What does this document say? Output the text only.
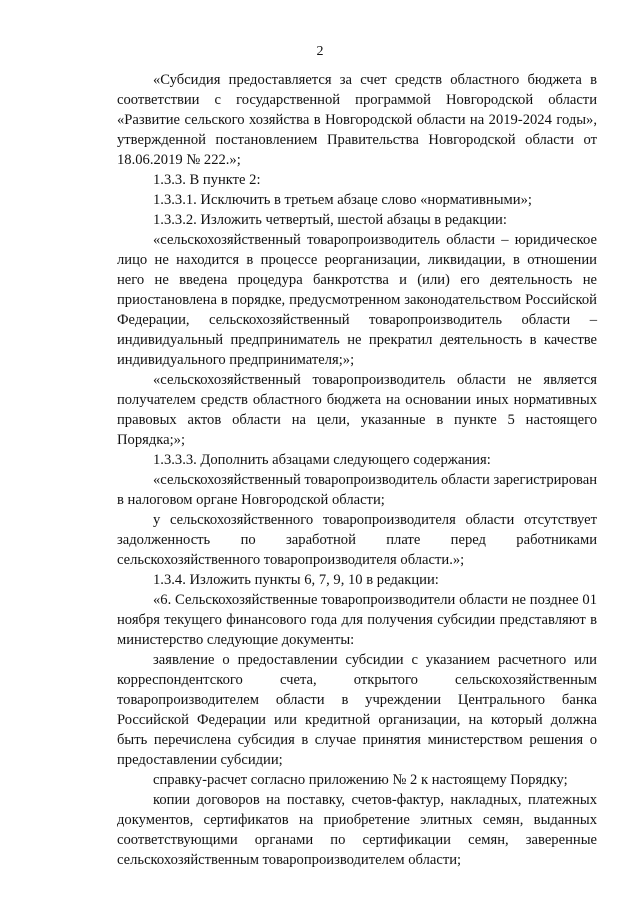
2

«Субсидия предоставляется за счет средств областного бюджета в соответствии с государственной программой Новгородской области «Развитие сельского хозяйства в Новгородской области на 2019-2024 годы», утвержденной постановлением Правительства Новгородской области от 18.06.2019 № 222.»;

1.3.3. В пункте 2:

1.3.3.1. Исключить в третьем абзаце слово «нормативными»;

1.3.3.2. Изложить четвертый, шестой абзацы в редакции:

«сельскохозяйственный товаропроизводитель области – юридическое лицо не находится в процессе реорганизации, ликвидации, в отношении него не введена процедура банкротства и (или) его деятельность не приостановлена в порядке, предусмотренном законодательством Российской Федерации, сельскохозяйственный товаропроизводитель области – индивидуальный предприниматель не прекратил деятельность в качестве индивидуального предпринимателя;»;

«сельскохозяйственный товаропроизводитель области не является получателем средств областного бюджета на основании иных нормативных правовых актов области на цели, указанные в пункте 5 настоящего Порядка;»;

1.3.3.3. Дополнить абзацами следующего содержания:

«сельскохозяйственный товаропроизводитель области зарегистрирован в налоговом органе Новгородской области;

у сельскохозяйственного товаропроизводителя области отсутствует задолженность по заработной плате перед работниками сельскохозяйственного товаропроизводителя области.»;

1.3.4. Изложить пункты 6, 7, 9, 10 в редакции:

«6. Сельскохозяйственные товаропроизводители области не позднее 01 ноября текущего финансового года для получения субсидии представляют в министерство следующие документы:

заявление о предоставлении субсидии с указанием расчетного или корреспондентского счета, открытого сельскохозяйственным товаропроизводителем области в учреждении Центрального банка Российской Федерации или кредитной организации, на который должна быть перечислена субсидия в случае принятия министерством решения о предоставлении субсидии;

справку-расчет согласно приложению № 2 к настоящему Порядку;

копии договоров на поставку, счетов-фактур, накладных, платежных документов, сертификатов на приобретение элитных семян, выданных соответствующими органами по сертификации семян, заверенные сельскохозяйственным товаропроизводителем области;
